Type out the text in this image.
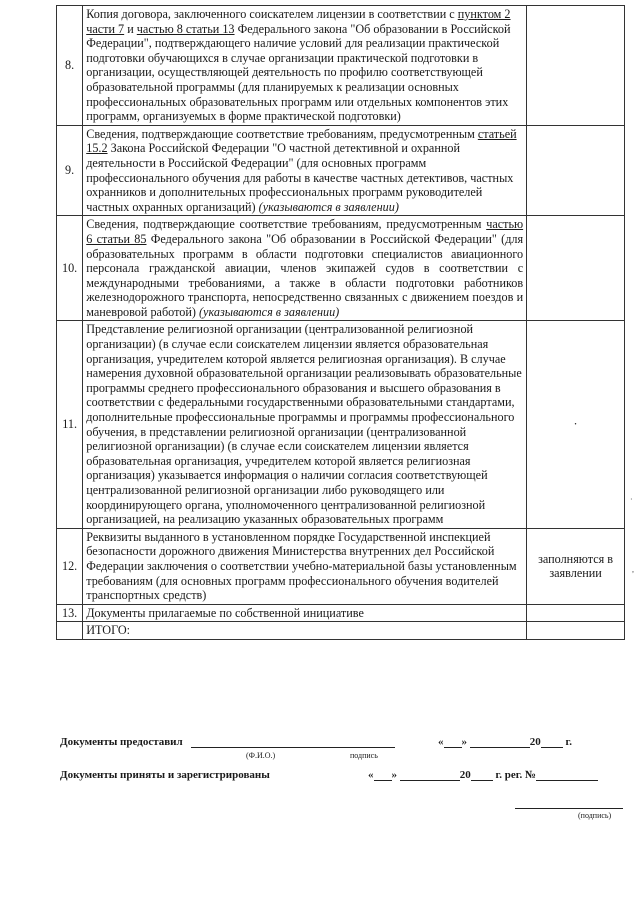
8.	Копия договора, заключенного соискателем лицензии в соответствии с пунктом 2 части 7 и частью 8 статьи 13 Федерального закона "Об образовании в Российской Федерации", подтверждающего наличие условий для реализации практической подготовки обучающихся в случае организации практической подготовки в организации, осуществляющей деятельность по профилю соответствующей образовательной программы (для планируемых к реализации основных профессиональных образовательных программ или отдельных компонентов этих программ, организуемых в форме практической подготовки)	
9.	Сведения, подтверждающие соответствие требованиям, предусмотренным статьей 15.2 Закона Российской Федерации "О частной детективной и охранной деятельности в Российской Федерации" (для основных программ профессионального обучения для работы в качестве частных детективов, частных охранников и дополнительных профессиональных программ руководителей частных охранных организаций) (указываются в заявлении)	
10.	Сведения, подтверждающие соответствие требованиям, предусмотренным частью 6 статьи 85 Федерального закона "Об образовании в Российской Федерации" (для образовательных программ в области подготовки специалистов авиационного персонала гражданской авиации, членов экипажей судов в соответствии с международными требованиями, а также в области подготовки работников железнодорожного транспорта, непосредственно связанных с движением поездов и маневровой работой) (указываются в заявлении)	
11.	Представление религиозной организации (централизованной религиозной организации) (в случае если соискателем лицензии является образовательная организация, учредителем которой является религиозная организация). В случае намерения духовной образовательной организации реализовывать образовательные программы среднего профессионального образования и высшего образования в соответствии с федеральными государственными образовательными стандартами, дополнительные профессиональные программы и программы профессионального обучения, в представлении религиозной организации (централизованной религиозной организации) (в случае если соискателем лицензии является образовательная организация, учредителем которой является религиозная организация) указывается информация о наличии согласия соответствующей централизованной религиозной организации либо руководящего или координирующего органа, уполномоченного централизованной религиозной организацией, на реализацию указанных образовательных программ	·
12.	Реквизиты выданного в установленном порядке Государственной инспекцией безопасности дорожного движения Министерства внутренних дел Российской Федерации заключения о соответствии учебно-материальной базы установленным требованиям (для основных программ профессионального обучения водителей транспортных средств)	заполняются в заявлении
13.	Документы прилагаемые по собственной инициативе	
	ИТОГО:	
Документы предоставил	« »	20 г.
(Ф.И.О.)	подпись
Документы приняты и зарегистрированы	« »	20 г. рег. №
(подпись)
·
,
